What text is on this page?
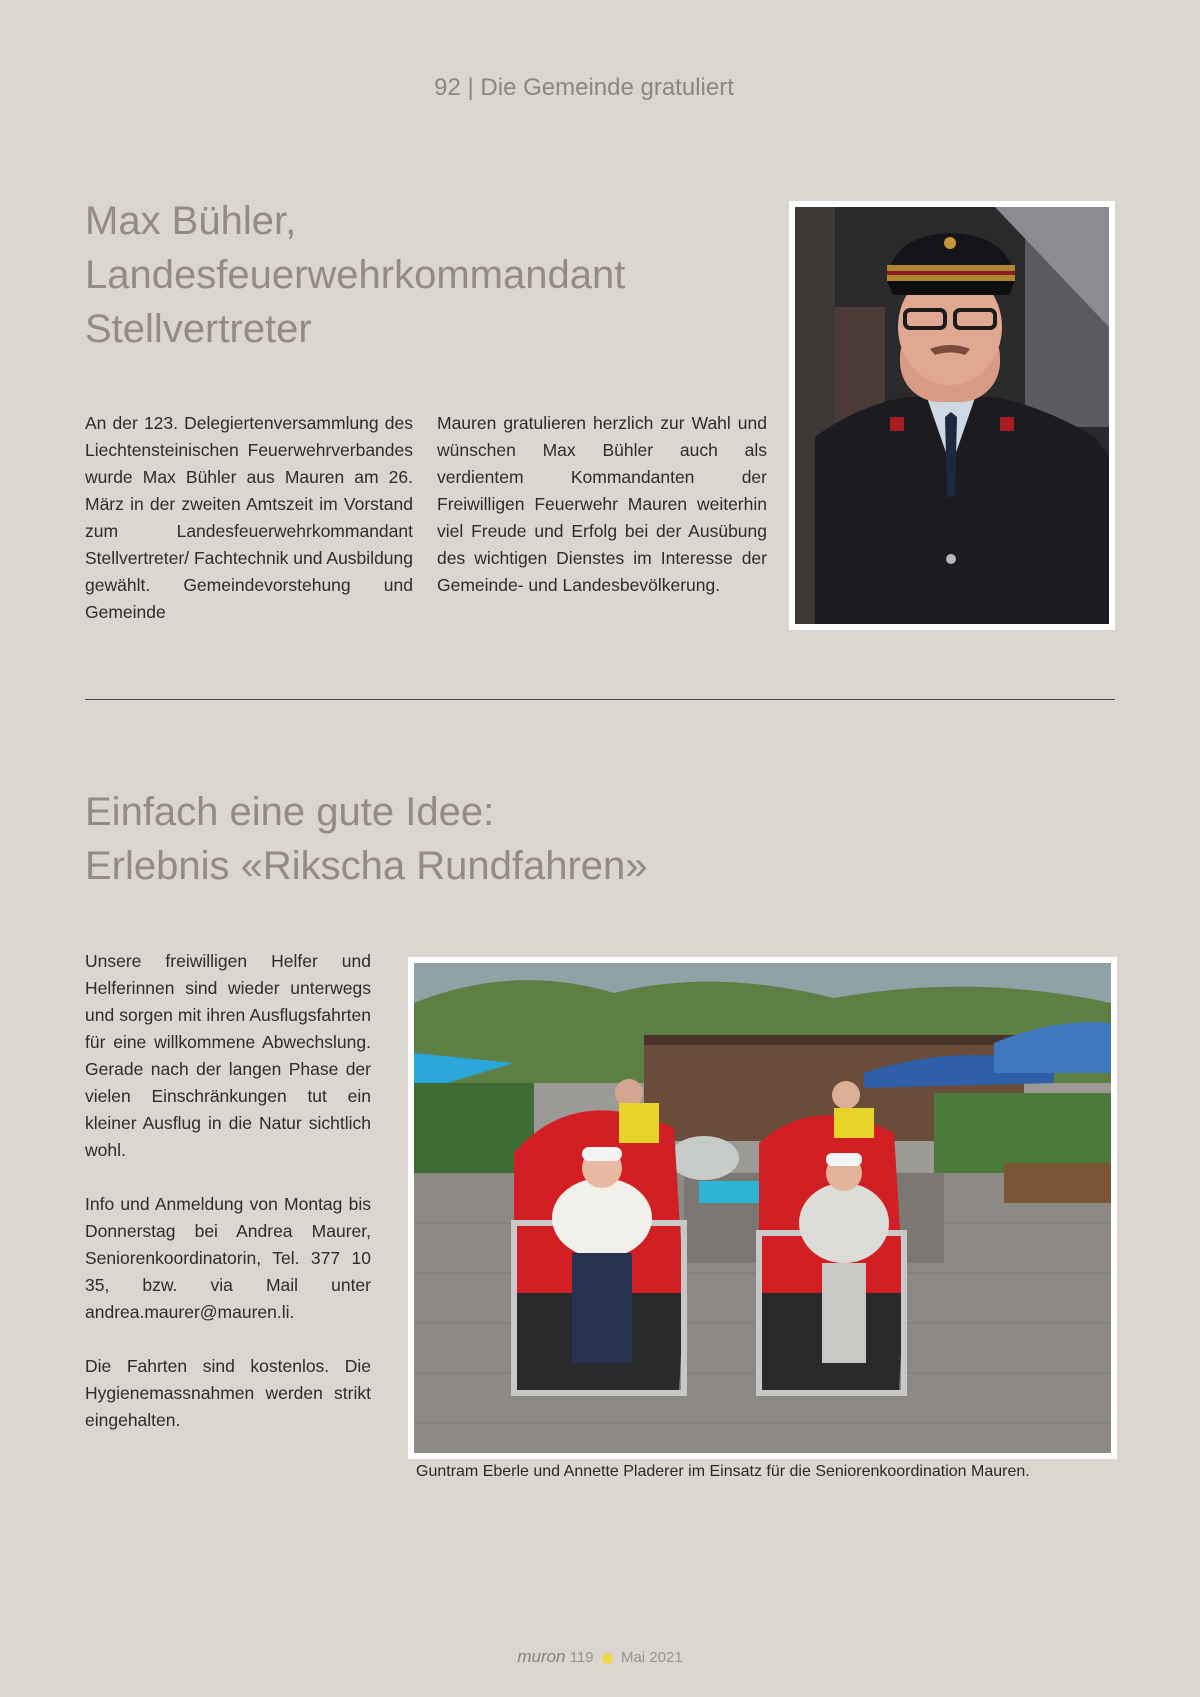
92 | Die Gemeinde gratuliert
Max Bühler,
Landesfeuerwehrkommandant
Stellvertreter
An der 123. Delegiertenversammlung des Liechtensteinischen Feuerwehrverbandes wurde Max Bühler aus Mauren am 26. März in der zweiten Amtszeit im Vorstand zum Landesfeuerwehrkommandant Stellvertreter/ Fachtechnik und Ausbildung gewählt. Gemeindevorstehung und Gemeinde
Mauren gratulieren herzlich zur Wahl und wünschen Max Bühler auch als verdientem Kommandanten der Freiwilligen Feuerwehr Mauren weiterhin viel Freude und Erfolg bei der Ausübung des wichtigen Dienstes im Interesse der Gemeinde- und Landesbevölkerung.
Einfach eine gute Idee:
Erlebnis «Rikscha Rundfahren»

Unsere freiwilligen Helfer und Helferinnen sind wieder unterwegs und sorgen mit ihren Ausflugsfahrten für eine willkommene Abwechslung. Gerade nach der langen Phase der vielen Einschränkungen tut ein kleiner Ausflug in die Natur sichtlich wohl.

Info und Anmeldung von Montag bis Donnerstag bei Andrea Maurer, Seniorenkoordinatorin, Tel. 377 10 35, bzw. via Mail unter andrea.maurer@mauren.li.

Die Fahrten sind kostenlos. Die Hygienemassnahmen werden strikt eingehalten.

Guntram Eberle und Annette Pladerer im Einsatz für die Seniorenkoordination Mauren.
muron 119 Mai 2021
